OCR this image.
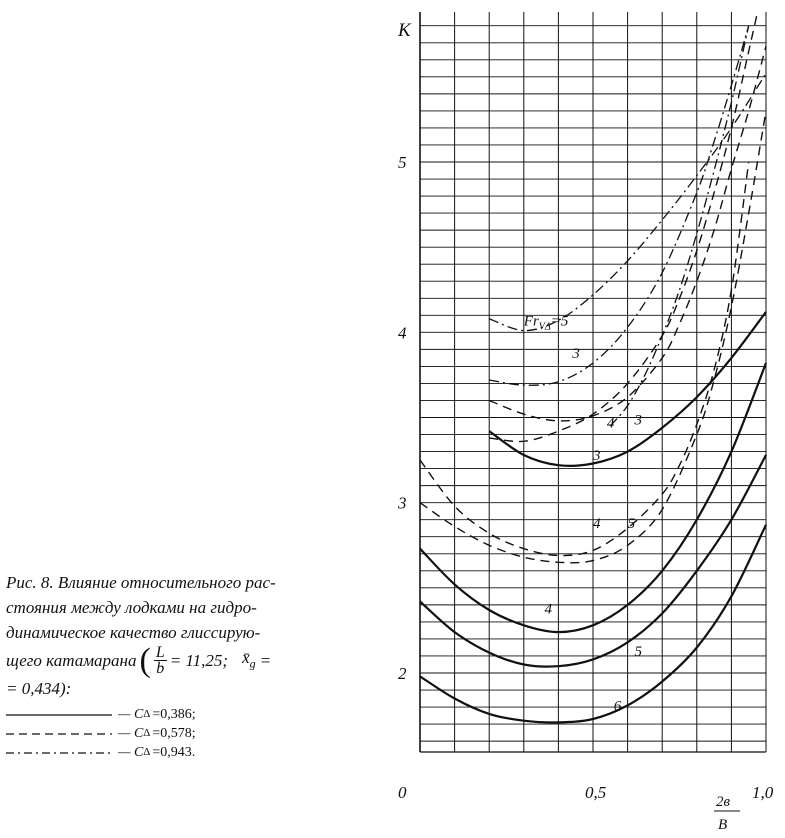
2
3
4
5
0	0,5	1,0
K
2в
В
3
4
5
6
4 3
4 5
$Fr_{V\Delta}=5$
3
Рис. 8. Влияние относительного рас-
стояния между лодками на гидро-
динамическое качество глиссирую-
щего катамарана ( $\frac{L}{b} = 11,25$; $x̄_g$ =
= 0,434):
— C Δ =0,386;
— C Δ =0,578;
— C Δ =0,943.
